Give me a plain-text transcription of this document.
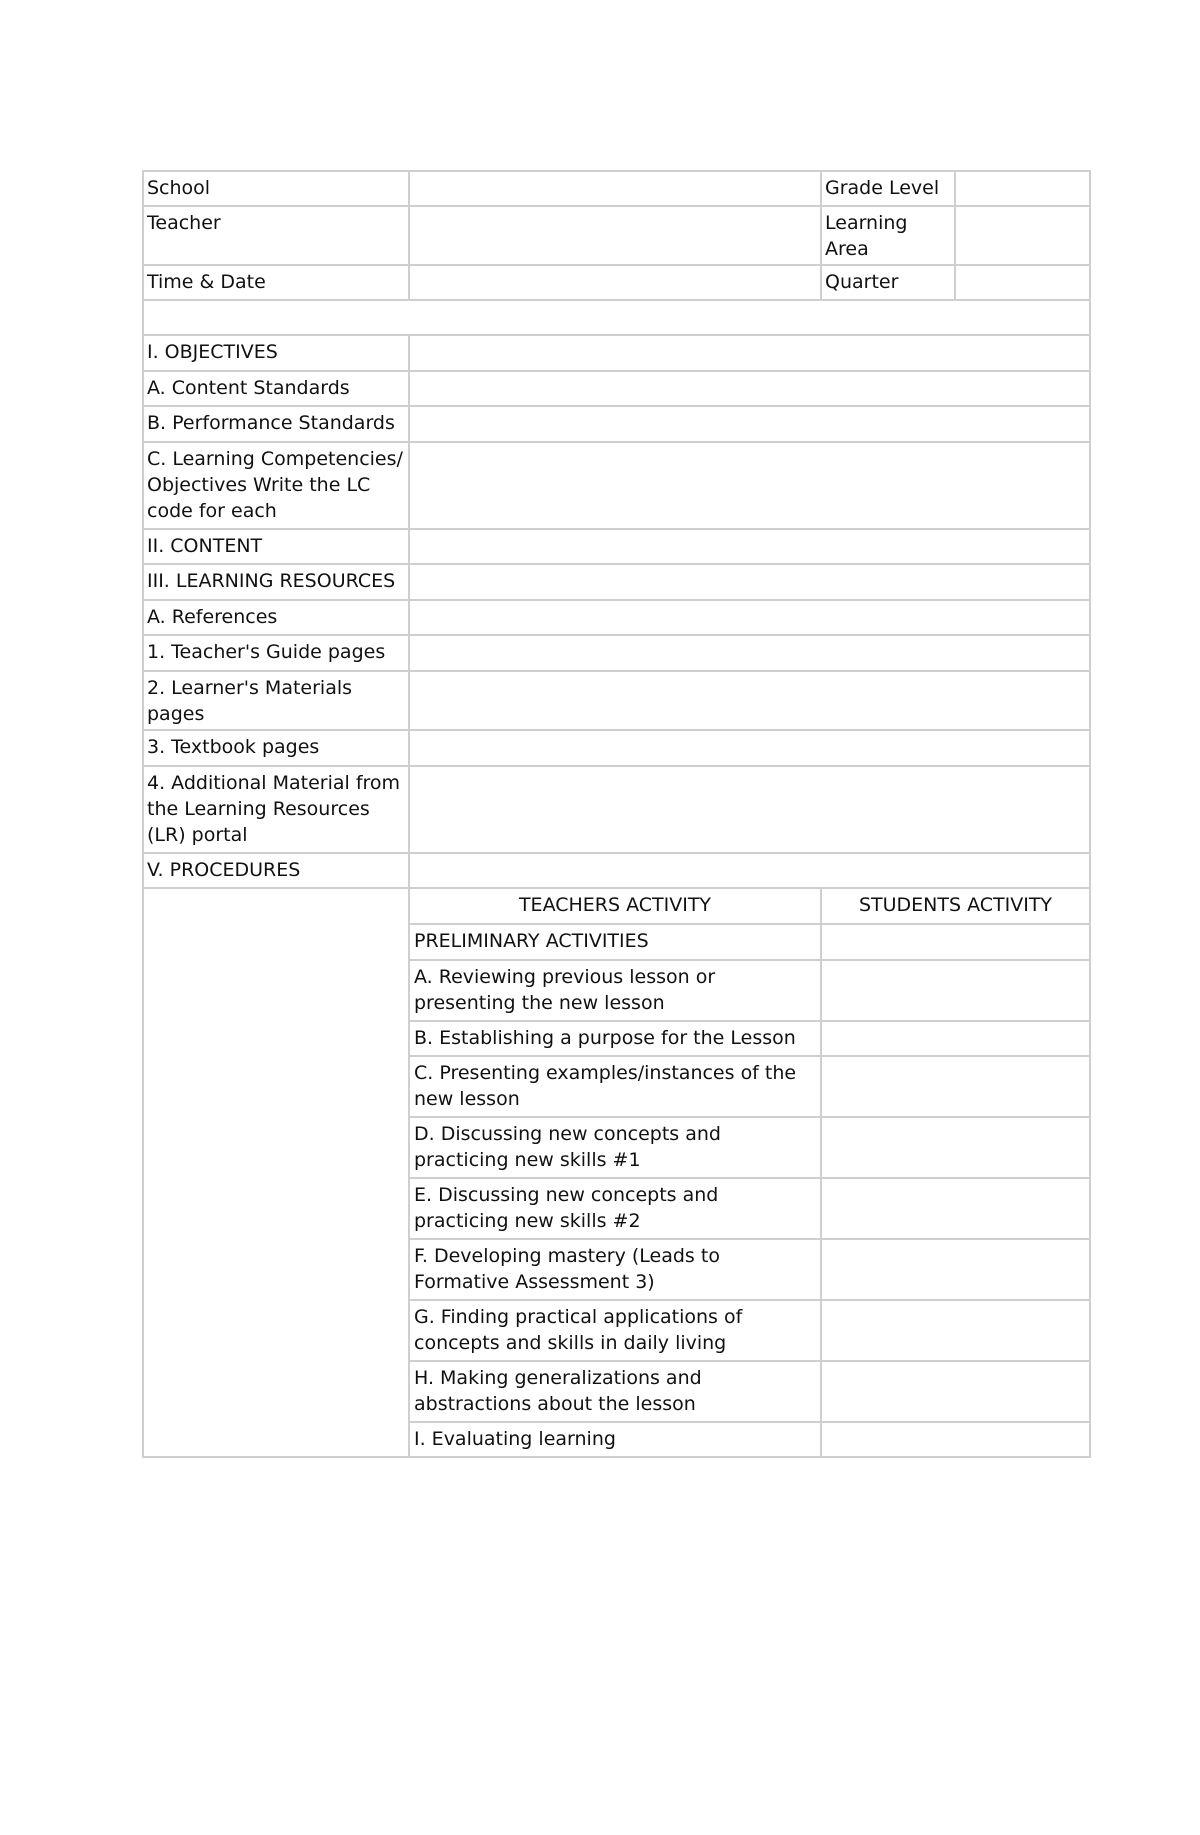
School		Grade Level	
Teacher		Learning Area	
Time & Date		Quarter	

I. OBJECTIVES			
A. Content Standards			
B. Performance Standards			
C. Learning Competencies/ Objectives Write the LC code for each			
II. CONTENT			
III. LEARNING RESOURCES			
A. References			
1. Teacher's Guide pages			
2. Learner's Materials pages			
3. Textbook pages			
4. Additional Material from the Learning Resources (LR) portal			
V. PROCEDURES			
	TEACHERS ACTIVITY	STUDENTS ACTIVITY	
	PRELIMINARY ACTIVITIES		
	A. Reviewing previous lesson or presenting the new lesson		
	B. Establishing a purpose for the Lesson		
	C. Presenting examples/instances of the new lesson		
	D. Discussing new concepts and practicing new skills #1		
	E. Discussing new concepts and practicing new skills #2		
	F. Developing mastery (Leads to Formative Assessment 3)		
	G. Finding practical applications of concepts and skills in daily living		
	H. Making generalizations and abstractions about the lesson		
	I. Evaluating learning		
